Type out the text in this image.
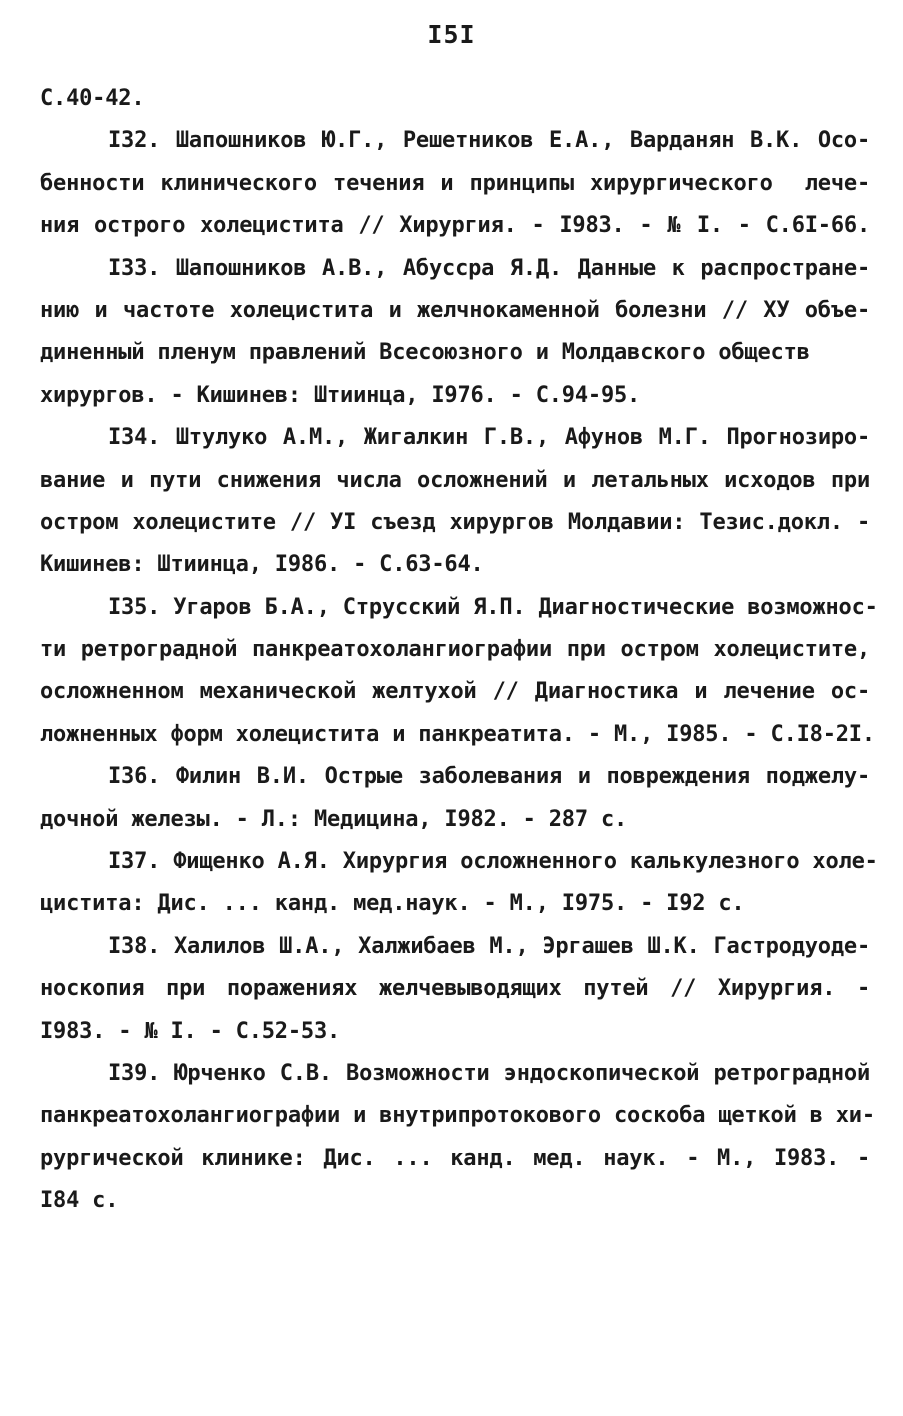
I5I
С.40-42.
I32. Шапошников Ю.Г., Решетников Е.А., Варданян В.К. Осо-
бенности клинического течения и принципы хирургического  лече-
ния острого холецистита // Хирургия. - I983. - № I. - С.6I-66.
I33. Шапошников А.В., Абуссра Я.Д. Данные к распростране-
нию и частоте холецистита и желчнокаменной болезни // ХУ объе-
диненный пленум правлений Всесоюзного и Молдавского обществ
хирургов. - Кишинев: Штиинца, I976. - С.94-95.
I34. Штулуко А.М., Жигалкин Г.В., Афунов М.Г. Прогнозиро-
вание и пути снижения числа осложнений и летальных исходов при
остром холецистите // УI съезд хирургов Молдавии: Тезис.докл. -
Кишинев: Штиинца, I986. - С.63-64.
I35. Угаров Б.А., Струсский Я.П. Диагностические возможнос-
ти ретроградной панкреатохолангиографии при остром холецистите,
осложненном механической желтухой // Диагностика и лечение ос-
ложненных форм холецистита и панкреатита. - М., I985. - С.I8-2I.
I36. Филин В.И. Острые заболевания и повреждения поджелу-
дочной железы. - Л.: Медицина, I982. - 287 с.
I37. Фищенко А.Я. Хирургия осложненного калькулезного холе-
цистита: Дис. ... канд. мед.наук. - М., I975. - I92 с.
I38. Халилов Ш.А., Халжибаев М., Эргашев Ш.К. Гастродуоде-
носкопия при поражениях желчевыводящих путей // Хирургия. -
I983. - № I. - С.52-53.
I39. Юрченко С.В. Возможности эндоскопической ретроградной
панкреатохолангиографии и внутрипротокового соскоба щеткой в хи-
рургической клинике: Дис. ... канд. мед. наук. - М., I983. -
I84 с.
